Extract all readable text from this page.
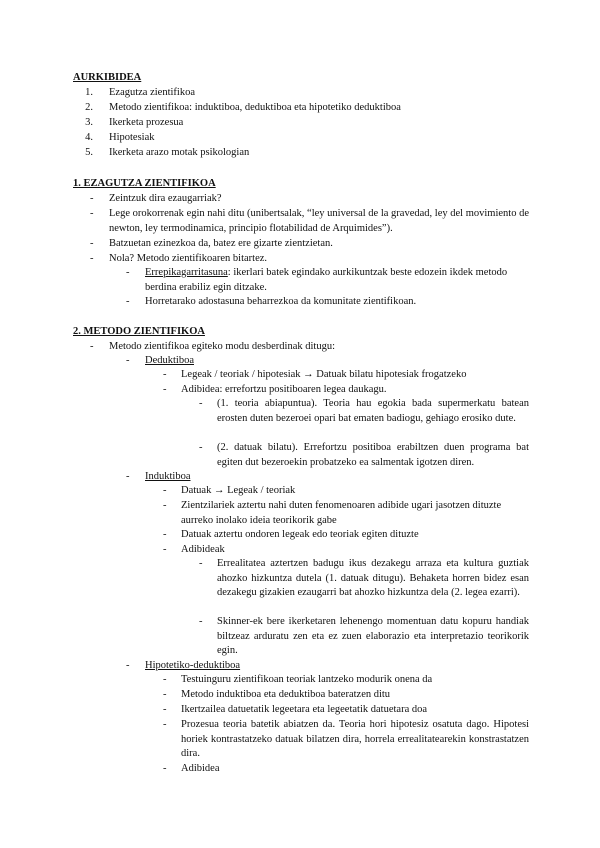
AURKIBIDEA
1. Ezagutza zientifikoa
2. Metodo zientifikoa: induktiboa, deduktiboa eta hipotetiko deduktiboa
3. Ikerketa prozesua
4. Hipotesiak
5. Ikerketa arazo motak psikologian
1. EZAGUTZA ZIENTIFIKOA
- Zeintzuk dira ezaugarriak?
- Lege orokorrenak egin nahi ditu (unibertsalak, “ley universal de la gravedad, ley del movimiento de newton, ley termodinamica, principio flotabilidad de Arquimides”).
- Batzuetan ezinezkoa da, batez ere gizarte zientzietan.
- Nola? Metodo zientifikoaren bitartez.
- Errepikagarritasuna: ikerlari batek egindako aurkikuntzak beste edozein ikdek metodo berdina erabiliz egin ditzake.
- Horretarako adostasuna beharrezkoa da komunitate zientifikoan.
2. METODO ZIENTIFIKOA
- Metodo zientifikoa egiteko modu desberdinak ditugu:
- Deduktiboa
- Legeak / teoriak / hipotesiak → Datuak bilatu hipotesiak frogatzeko
- Adibidea: errefortzu positiboaren legea daukagu.
- (1. teoria abiapuntua). Teoria hau egokia bada supermerkatu batean erosten duten bezeroei opari bat ematen badiogu, gehiago erosiko dute.
- (2. datuak bilatu). Errefortzu positiboa erabiltzen duen programa bat egiten dut bezeroekin probatzeko ea salmentak igotzen diren.
- Induktiboa
- Datuak → Legeak / teoriak
- Zientzilariek aztertu nahi duten fenomenoaren adibide ugari jasotzen dituzte aurreko inolako ideia teorikorik gabe
- Datuak aztertu ondoren legeak edo teoriak egiten dituzte
- Adibideak
- Errealitatea aztertzen badugu ikus dezakegu arraza eta kultura guztiak ahozko hizkuntza dutela (1. datuak ditugu). Behaketa horren bidez esan dezakegu gizakien ezaugarri bat ahozko hizkuntza dela (2. legea ezarri).
- Skinner-ek bere ikerketaren lehenengo momentuan datu kopuru handiak biltzeaz arduratu zen eta ez zuen elaborazio eta interpretazio teorikorik egin.
- Hipotetiko-deduktiboa
- Testuinguru zientifikoan teoriak lantzeko modurik onena da
- Metodo induktiboa eta deduktiboa bateratzen ditu
- Ikertzailea datuetatik legeetara eta legeetatik datuetara doa
- Prozesua teoria batetik abiatzen da. Teoria hori hipotesiz osatuta dago. Hipotesi horiek kontrastatzeko datuak bilatzen dira, horrela errealitatearekin konstrastatzen dira.
- Adibidea
